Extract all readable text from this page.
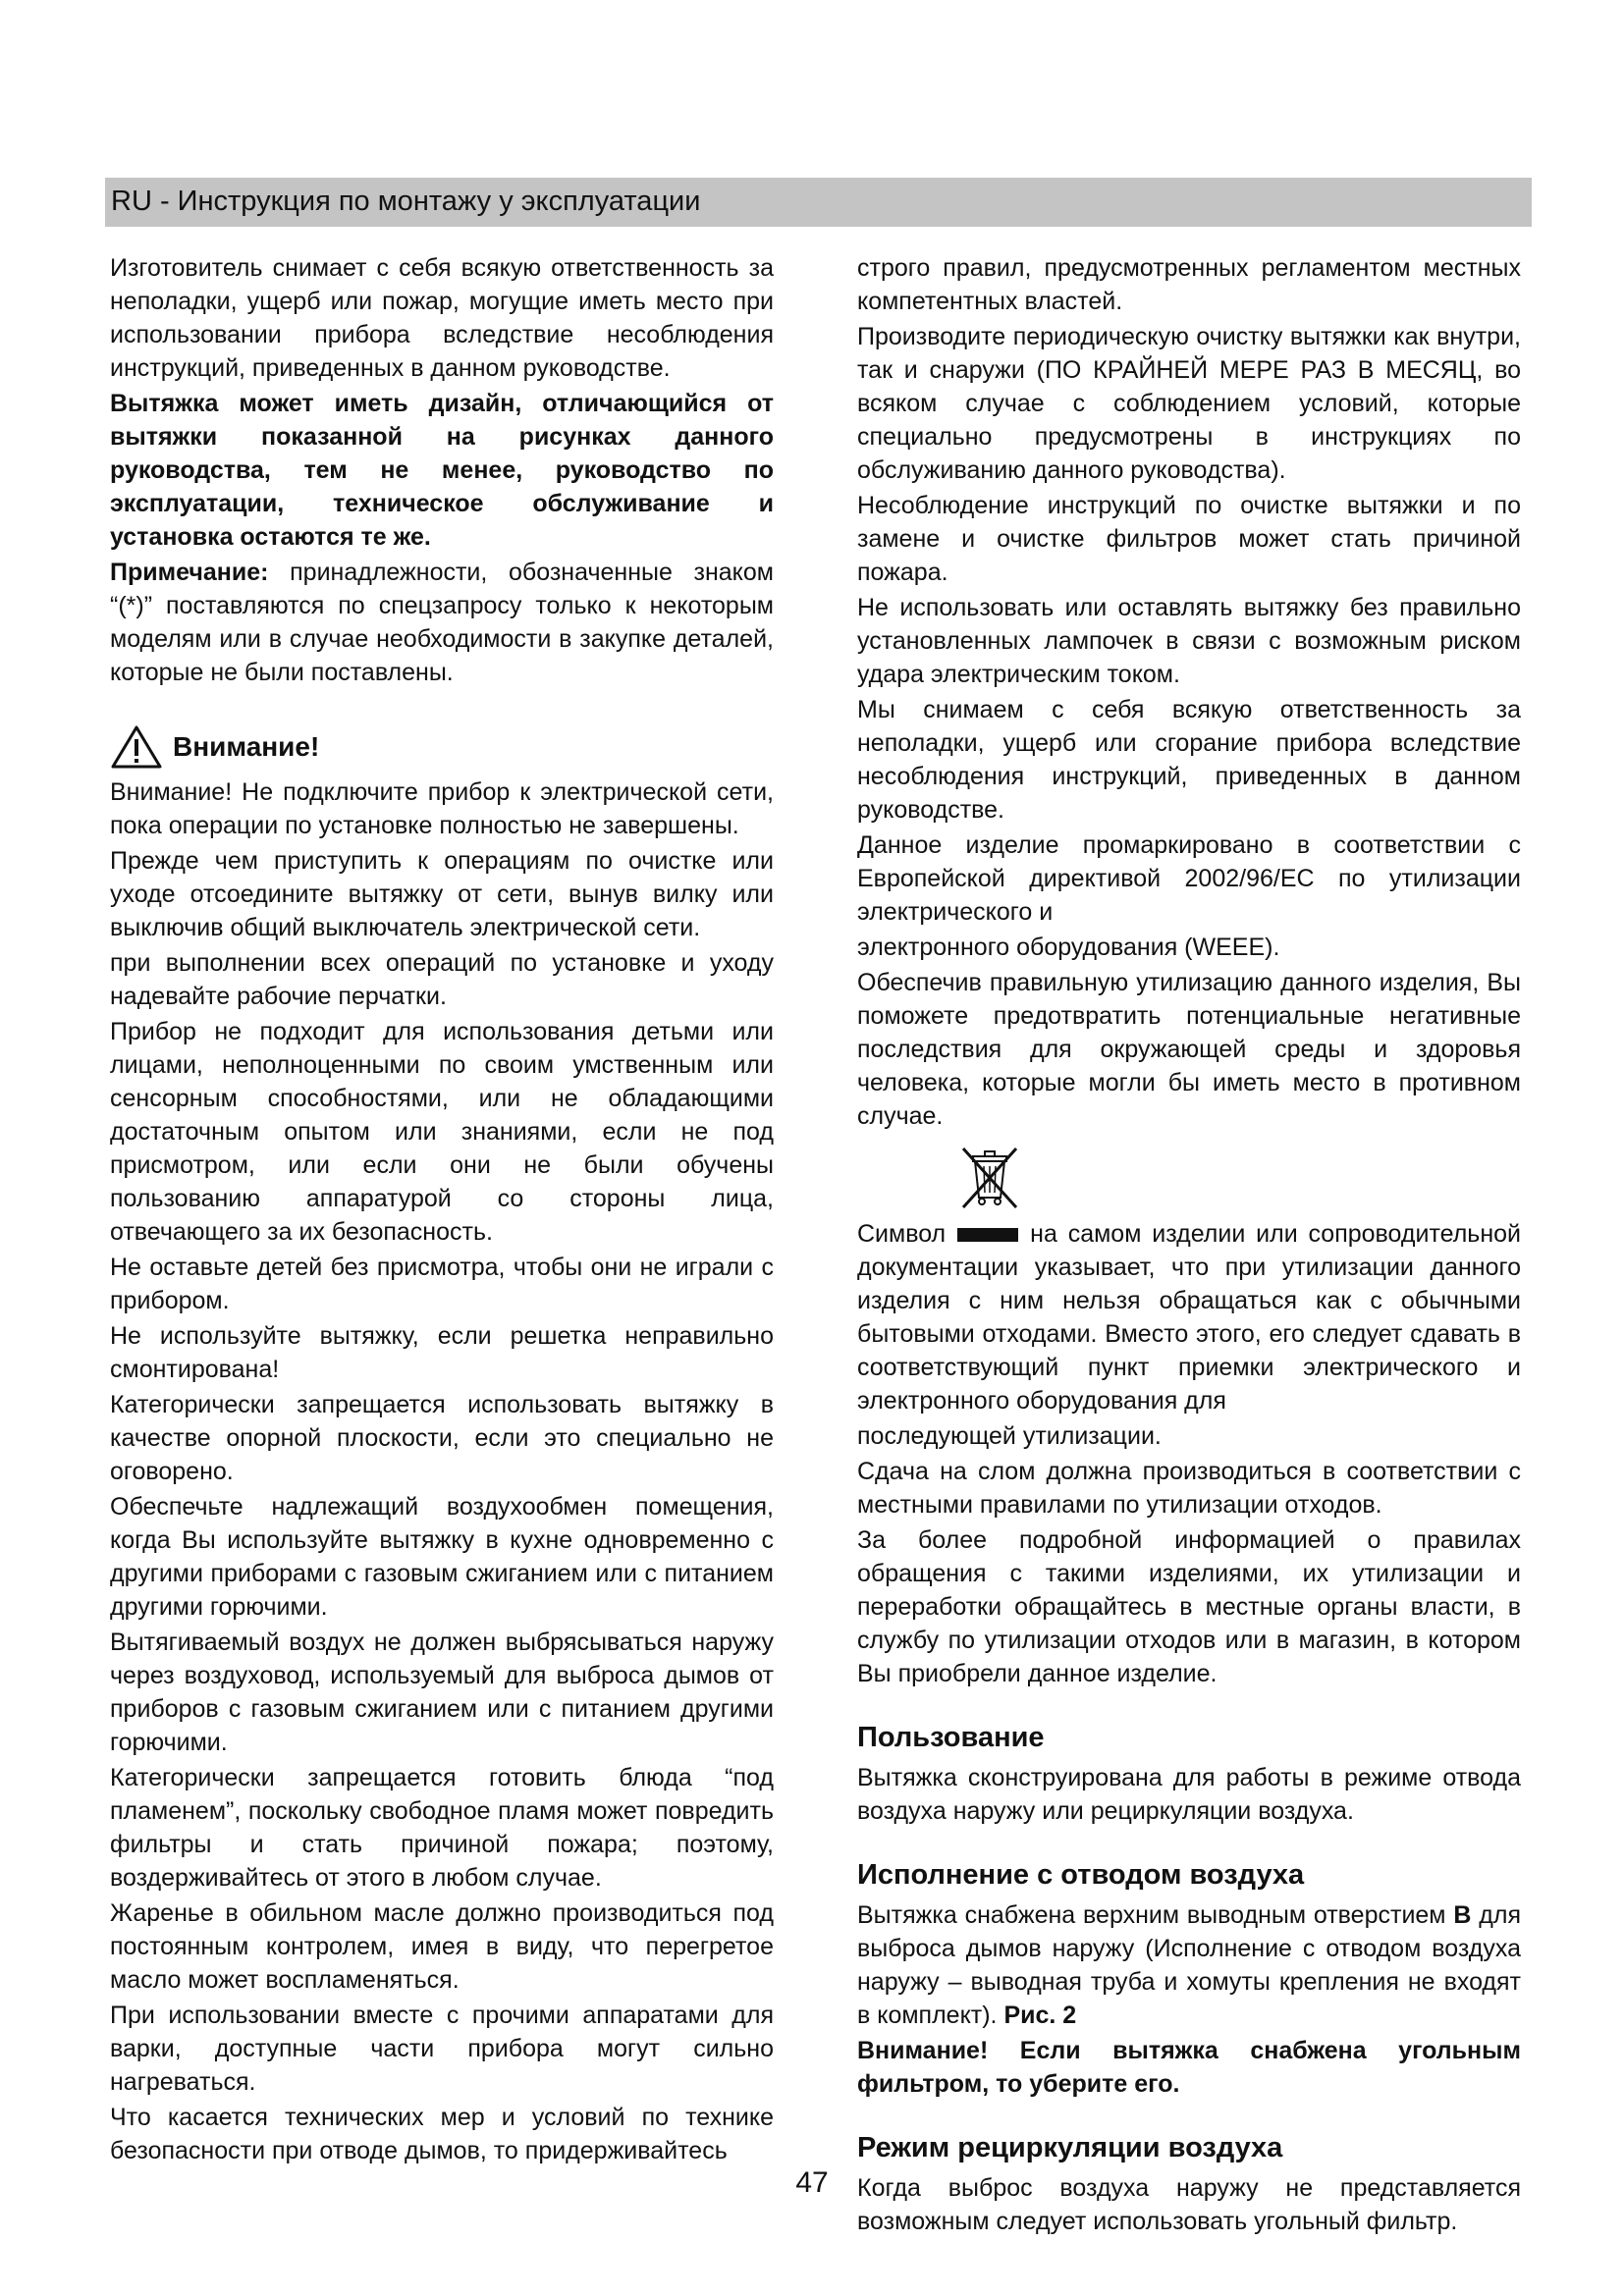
RU - Инструкция по монтажу у эксплуатации

Изготовитель снимает с себя всякую ответственность за неполадки, ущерб или пожар, могущие иметь место при использовании прибора вследствие несоблюдения инструкций, приведенных в данном руководстве.

Вытяжка может иметь дизайн, отличающийся от вытяжки показанной на рисунках данного руководства, тем не менее, руководство по эксплуатации, техническое обслуживание и установка остаются те же.

Примечание: принадлежности, обозначенные знаком “(*)” поставляются по спецзапросу только к некоторым моделям или в случае необходимости в закупке деталей, которые не были поставлены.

Внимание!

Внимание! Не подключите прибор к электрической сети, пока операции по установке полностью не завершены.

Прежде чем приступить к операциям по очистке или уходе отсоедините вытяжку от сети, вынув вилку или выключив общий выключатель электрической сети.

при выполнении всех операций по установке и уходу надевайте рабочие перчатки.

Прибор не подходит для использования детьми или лицами, неполноценными по своим умственным или сенсорным способностями, или не обладающими достаточным опытом или знаниями, если не под присмотром, или если они не были обучены пользованию аппаратурой со стороны лица, отвечающего за их безопасность.

Не оставьте детей без присмотра, чтобы они не играли с прибором.

Не используйте вытяжку, если решетка неправильно смонтирована!

Категорически запрещается использовать вытяжку в качестве опорной плоскости, если это специально не оговорено.

Обеспечьте надлежащий воздухообмен помещения, когда Вы используйте вытяжку в кухне одновременно с другими приборами с газовым сжиганием или с питанием другими горючими.

Вытягиваемый воздух не должен выбрясываться наружу через воздуховод, используемый для выброса дымов от приборов с газовым сжиганием или с питанием другими горючими.

Категорически запрещается готовить блюда “под пламенем”, поскольку свободное пламя может повредить фильтры и стать причиной пожара; поэтому, воздерживайтесь от этого в любом случае.

Жаренье в обильном масле должно производиться под постоянным контролем, имея в виду, что перегретое масло может воспламеняться.

При использовании вместе с прочими аппаратами для варки, доступные части прибора могут сильно нагреваться.

Что касается технических мер и условий по технике безопасности при отводе дымов, то придерживайтесь

строго правил, предусмотренных регламентом местных компетентных властей.

Производите периодическую очистку вытяжки как внутри, так и снаружи (ПО КРАЙНЕЙ МЕРЕ РАЗ В МЕСЯЦ, во всяком случае с соблюдением условий, которые специально предусмотрены в инструкциях по обслуживанию данного руководства).

Несоблюдение инструкций по очистке вытяжки и по замене и очистке фильтров может стать причиной пожара.

Не использовать или оставлять вытяжку без правильно установленных лампочек в связи с возможным риском удара электрическим током.

Мы снимаем с себя всякую ответственность за неполадки, ущерб или сгорание прибора вследствие несоблюдения инструкций, приведенных в данном руководстве.

Данное изделие промаркировано в соответствии с Европейской директивой 2002/96/EC по утилизации электрического и

электронного оборудования (WEEE).

Обеспечив правильную утилизацию данного изделия, Вы поможете предотвратить потенциальные негативные последствия для окружающей среды и здоровья человека, которые могли бы иметь место в противном случае.

Символ	на самом изделии или сопроводительной документации указывает, что при утилизации данного изделия с ним нельзя обращаться как с обычными бытовыми отходами. Вместо этого, его следует сдавать в соответствующий пункт приемки электрического и электронного оборудования для

последующей утилизации.

Сдача на слом должна производиться в соответствии с местными правилами по утилизации отходов.

За более подробной информацией о правилах обращения с такими изделиями, их утилизации и переработки обращайтесь в местные органы власти, в службу по утилизации отходов или в магазин, в котором Вы приобрели данное изделие.

Пользование

Вытяжка сконструирована для работы в режиме отвода воздуха наружу или рециркуляции воздуха.

Исполнение с отводом воздуха

Вытяжка снабжена верхним выводным отверстием B для выброса дымов наружу (Исполнение с отводом воздуха наружу – выводная труба и хомуты крепления не входят в комплект). Рис. 2

Внимание! Если вытяжка снабжена угольным фильтром, то уберите его.

Режим рециркуляции воздуха

Когда выброс воздуха наружу не представляется возможным следует использовать угольный фильтр.

47
